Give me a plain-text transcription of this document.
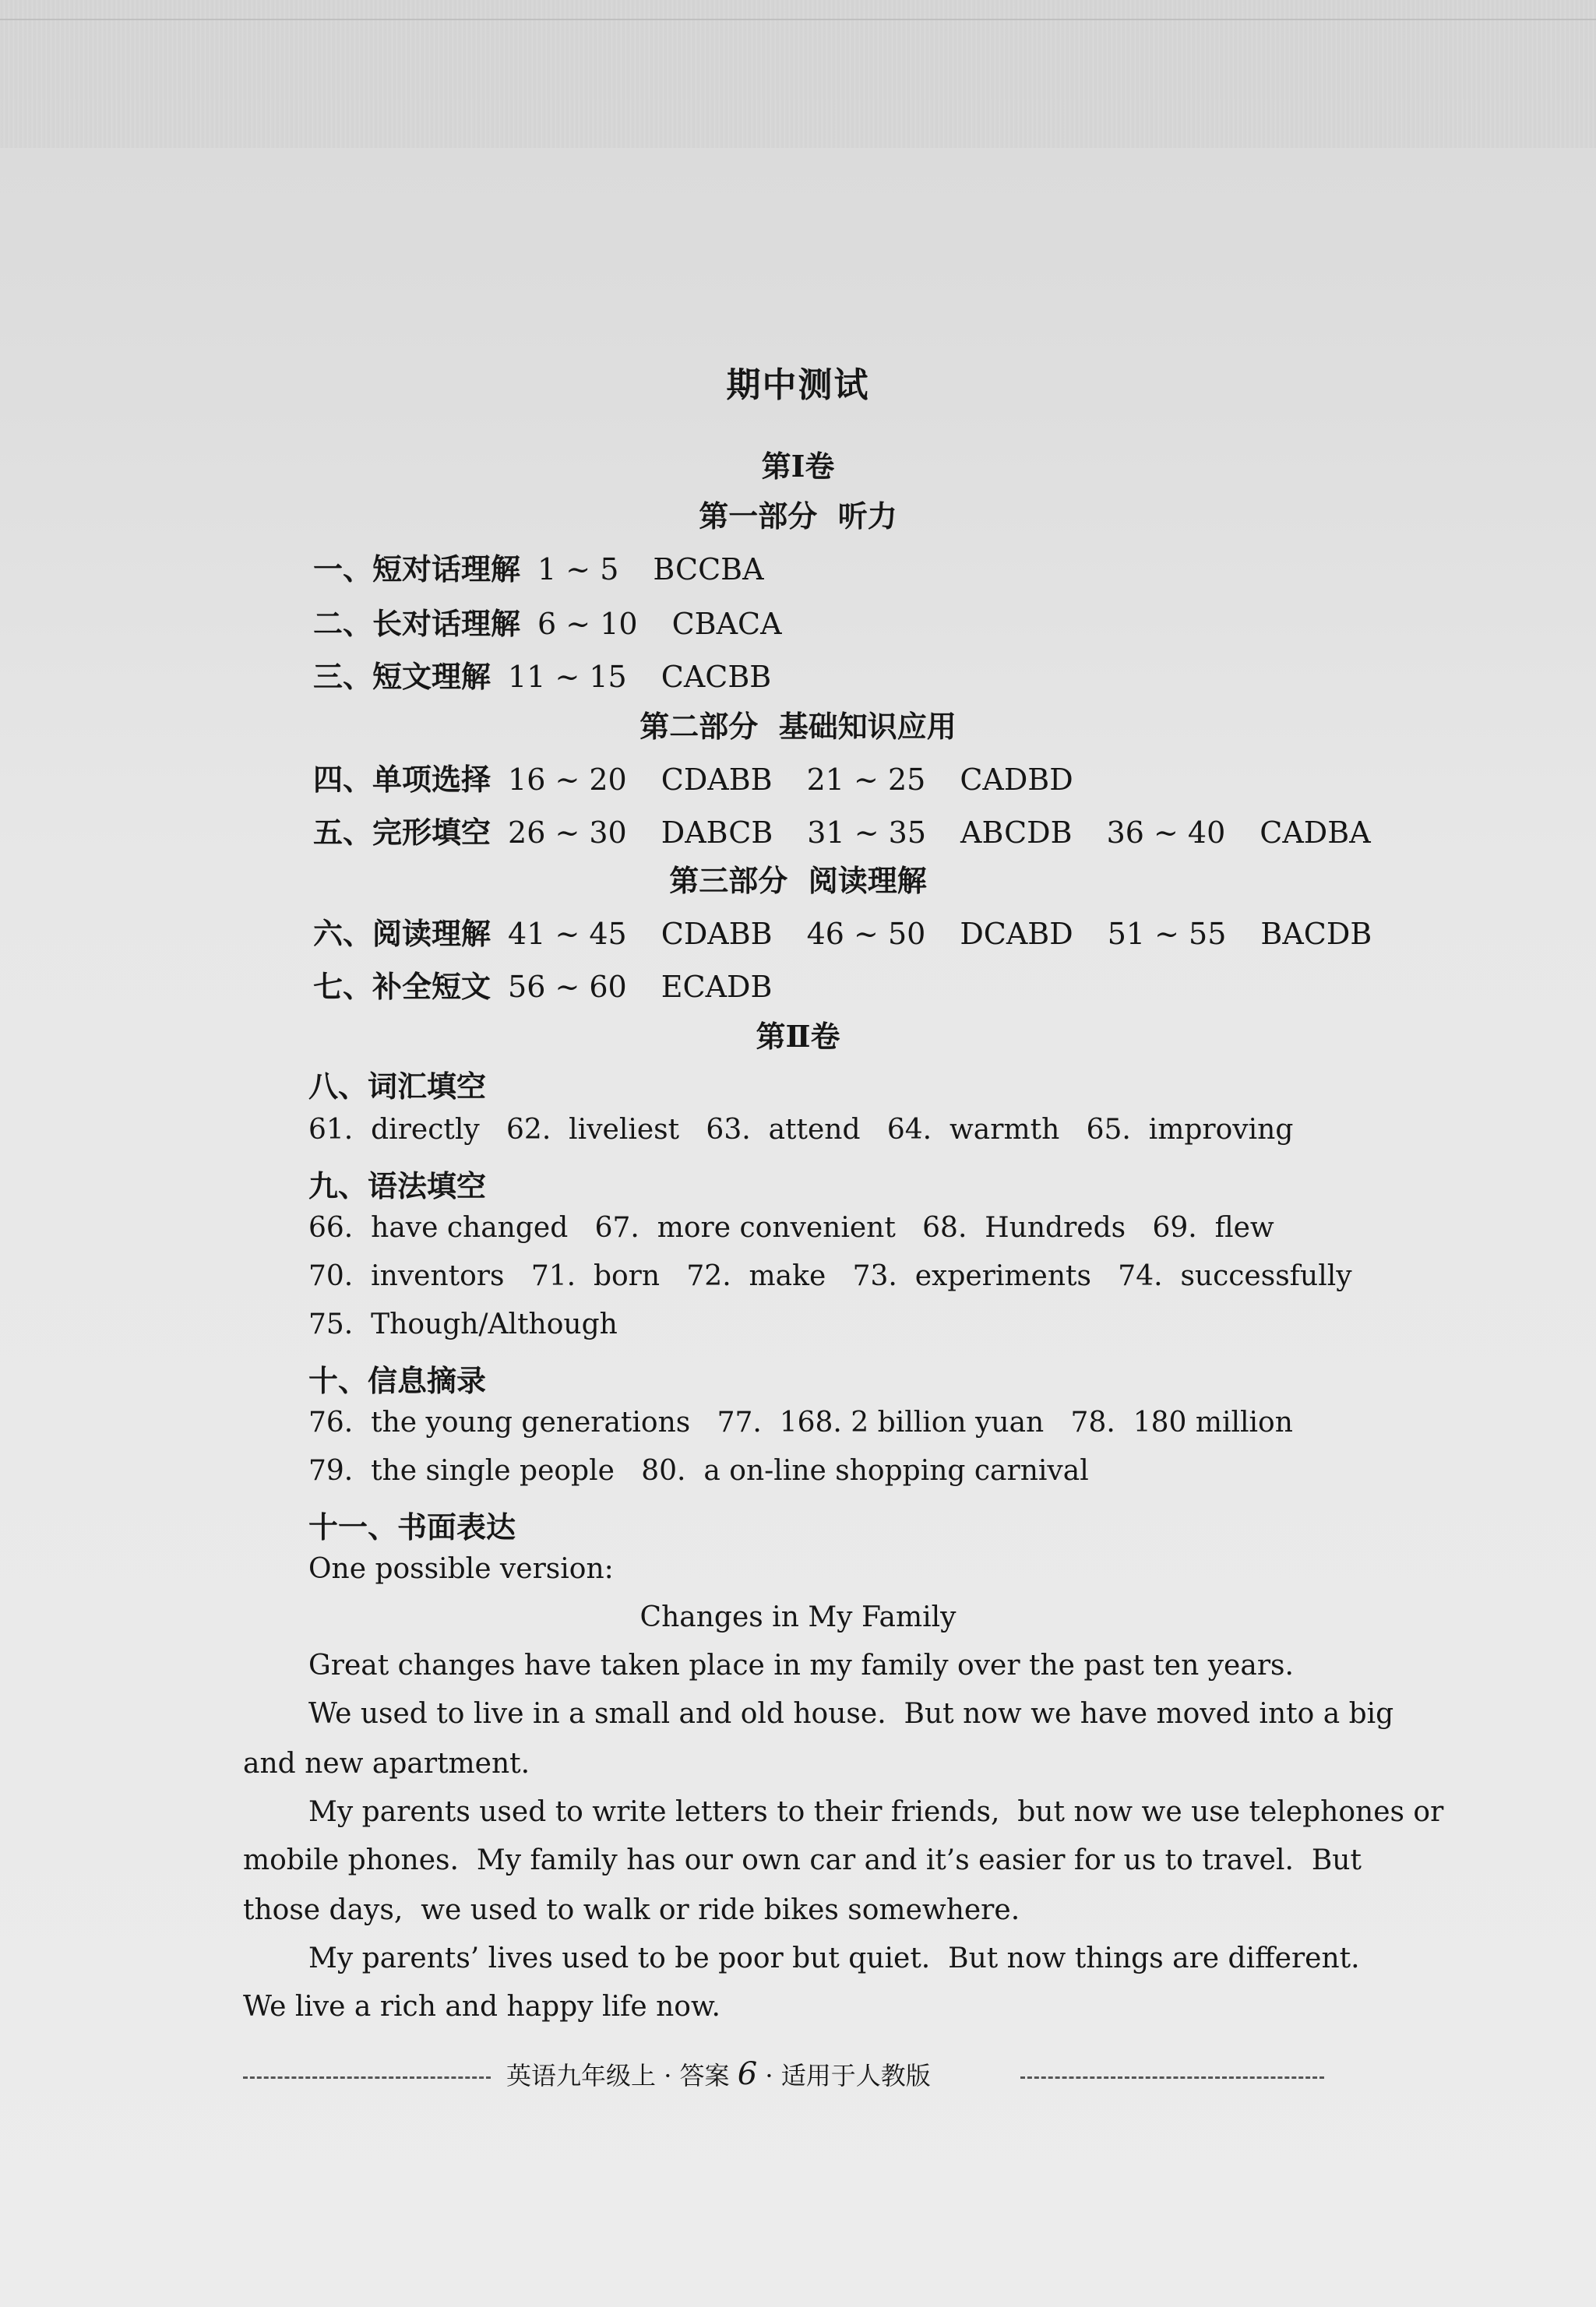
期中测试
第Ⅰ卷
第一部分  听力
一、短对话理解 1 ~ 5 BCCBA
二、长对话理解 6 ~ 10 CBACA
三、短文理解 11 ~ 15 CACBB
第二部分  基础知识应用
四、单项选择 16 ~ 20 CDABB 21 ~ 25 CADBD
五、完形填空 26 ~ 30 DABCB 31 ~ 35 ABCDB 36 ~ 40 CADBA
第三部分  阅读理解
六、阅读理解 41 ~ 45 CDABB 46 ~ 50 DCABD 51 ~ 55 BACDB
七、补全短文 56 ~ 60 ECADB
第Ⅱ卷
八、词汇填空
61.  directly   62.  liveliest   63.  attend   64.  warmth   65.  improving
九、语法填空
66.  have changed   67.  more convenient   68.  Hundreds   69.  flew
70.  inventors   71.  born   72.  make   73.  experiments   74.  successfully
75.  Though/Although
十、信息摘录
76.  the young generations   77.  168. 2 billion yuan   78.  180 million
79.  the single people   80.  a on-line shopping carnival
十一、书面表达
One possible version:
Changes in My Family
Great changes have taken place in my family over the past ten years.
We used to live in a small and old house.  But now we have moved into a big
and new apartment.
My parents used to write letters to their friends,  but now we use telephones or
mobile phones.  My family has our own car and it’s easier for us to travel.  But
those days,  we used to walk or ride bikes somewhere.
My parents’ lives used to be poor but quiet.  But now things are different.
We live a rich and happy life now.
英语九年级上 · 答案 6 · 适用于人教版
